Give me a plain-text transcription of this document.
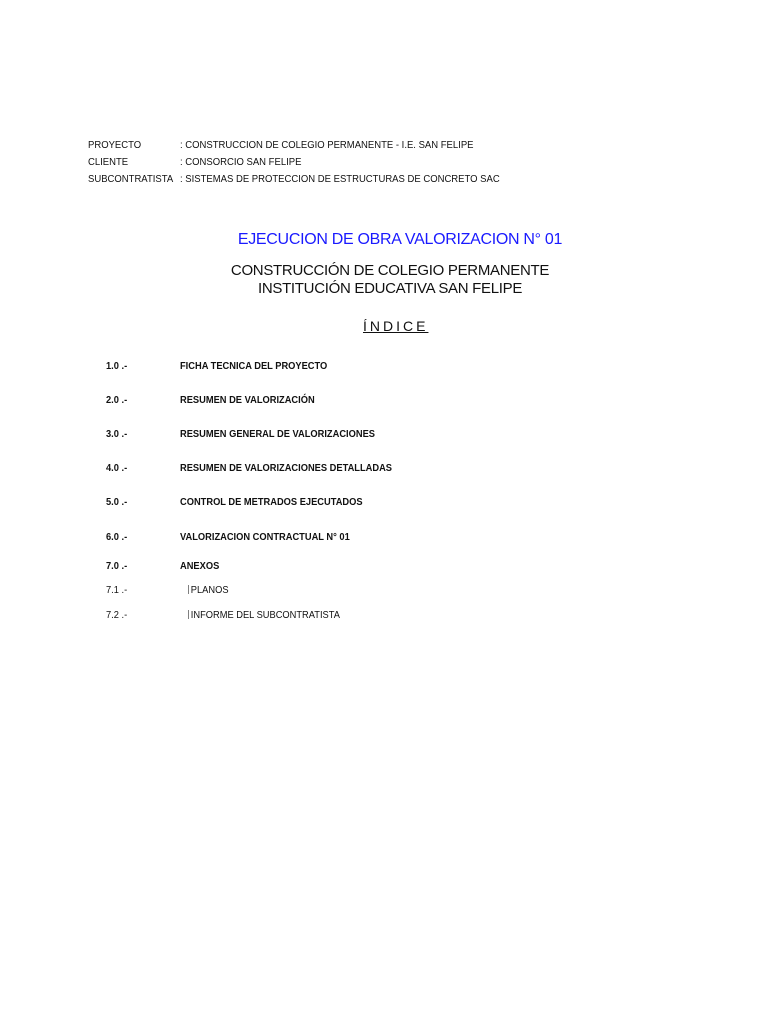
PROYECTO	: CONSTRUCCION DE COLEGIO PERMANENTE - I.E. SAN FELIPE
CLIENTE	: CONSORCIO SAN FELIPE
SUBCONTRATISTA : SISTEMAS DE PROTECCION DE ESTRUCTURAS DE CONCRETO SAC
EJECUCION DE OBRA VALORIZACION N° 01
CONSTRUCCIÓN DE COLEGIO PERMANENTE
INSTITUCIÓN EDUCATIVA SAN FELIPE
ÍNDICE
1.0 .-	FICHA TECNICA DEL PROYECTO
2.0 .-	RESUMEN DE VALORIZACIÓN
3.0 .-	RESUMEN GENERAL DE VALORIZACIONES
4.0 .-	RESUMEN DE VALORIZACIONES DETALLADAS
5.0 .-	CONTROL DE METRADOS EJECUTADOS
6.0 .-	VALORIZACION CONTRACTUAL N° 01
7.0 .-	ANEXOS
7.1 .-	PLANOS
7.2 .-	INFORME DEL SUBCONTRATISTA
